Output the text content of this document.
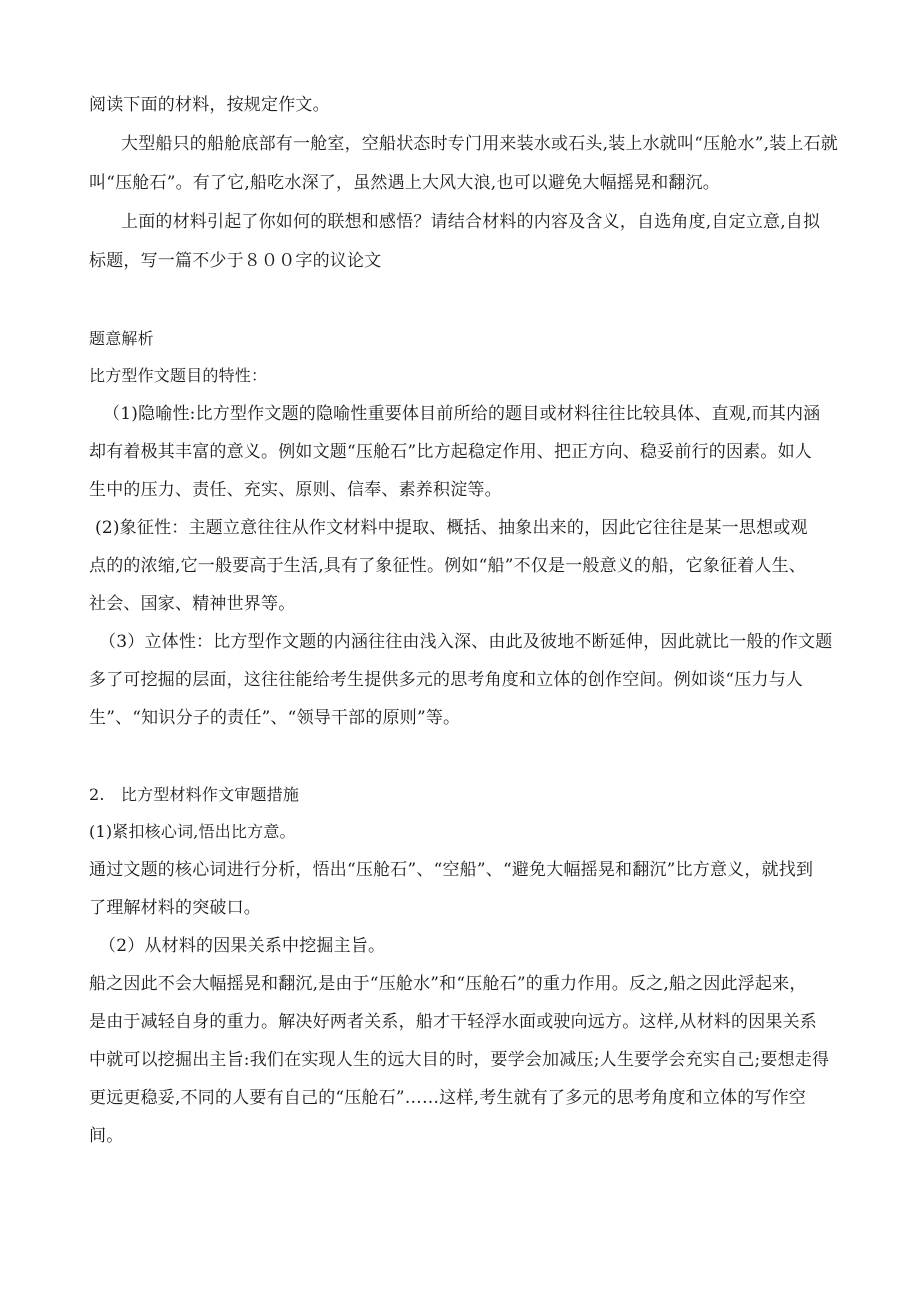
阅读下面的材料，按规定作文。
大型船只的船舱底部有一舱室，空船状态时专门用来装水或石头,装上水就叫“压舱水”,装上石就
叫“压舱石”。有了它,船吃水深了，虽然遇上大风大浪,也可以避免大幅摇晃和翻沉。
上面的材料引起了你如何的联想和感悟？请结合材料的内容及含义，自选角度,自定立意,自拟
标题，写一篇不少于８００字的议论文
题意解析
比方型作文题目的特性：
（1)隐喻性:比方型作文题的隐喻性重要体目前所给的题目或材料往往比较具体、直观,而其内涵
却有着极其丰富的意义。例如文题“压舱石”比方起稳定作用、把正方向、稳妥前行的因素。如人
生中的压力、责任、充实、原则、信奉、素养积淀等。
(2)象征性：主题立意往往从作文材料中提取、概括、抽象出来的，因此它往往是某一思想或观
点的的浓缩,它一般要高于生活,具有了象征性。例如“船”不仅是一般意义的船，它象征着人生、
社会、国家、精神世界等。
（3）立体性：比方型作文题的内涵往往由浅入深、由此及彼地不断延伸，因此就比一般的作文题
多了可挖掘的层面，这往往能给考生提供多元的思考角度和立体的创作空间。例如谈“压力与人
生”、“知识分子的责任”、“领导干部的原则”等。
2.　比方型材料作文审题措施
(1)紧扣核心词,悟出比方意。
通过文题的核心词进行分析，悟出“压舱石”、“空船”、“避免大幅摇晃和翻沉”比方意义，就找到
了理解材料的突破口。
（2）从材料的因果关系中挖掘主旨。
船之因此不会大幅摇晃和翻沉,是由于“压舱水”和“压舱石”的重力作用。反之,船之因此浮起来，
是由于减轻自身的重力。解决好两者关系，船才干轻浮水面或驶向远方。这样,从材料的因果关系
中就可以挖掘出主旨:我们在实现人生的远大目的时，要学会加减压;人生要学会充实自己;要想走得
更远更稳妥,不同的人要有自己的“压舱石”……这样,考生就有了多元的思考角度和立体的写作空
间。
